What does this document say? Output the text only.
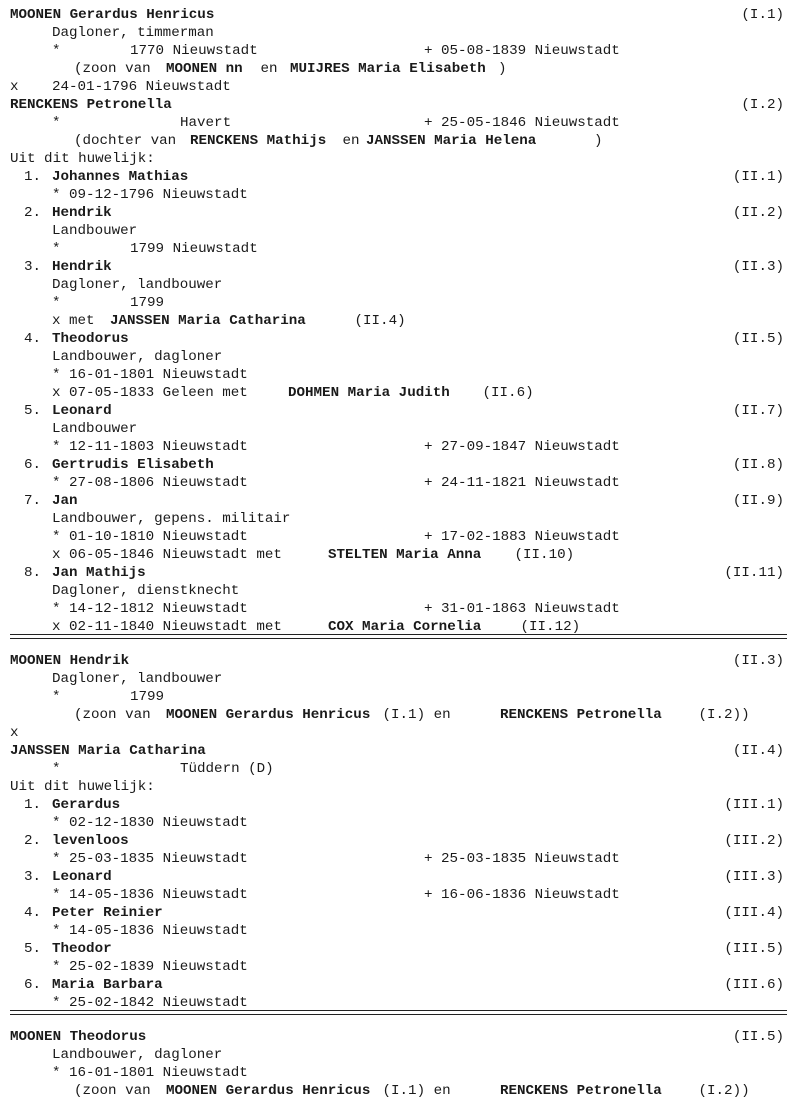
MOONEN Gerardus Henricus	(I.1)
Dagloner, timmerman
*	1770 Nieuwstadt	+ 05-08-1839 Nieuwstadt
(zoon van MOONEN nn en MUIJRES Maria Elisabeth )
x 24-01-1796 Nieuwstadt
RENCKENS Petronella	(I.2)
*	Havert	+ 25-05-1846 Nieuwstadt
(dochter van RENCKENS Mathijs en
JANSSEN Maria Helena	)
Uit dit huwelijk:
1. Johannes Mathias	(II.1)
* 09-12-1796 Nieuwstadt
2. Hendrik	(II.2)
Landbouwer
*	1799 Nieuwstadt
3. Hendrik	(II.3)
Dagloner, landbouwer
*	1799
x met JANSSEN Maria Catharina	(II.4)
4. Theodorus	(II.5)
Landbouwer, dagloner
* 16-01-1801 Nieuwstadt
x 07-05-1833 Geleen met DOHMEN Maria Judith (II.6)
5. Leonard	(II.7)
Landbouwer
* 12-11-1803 Nieuwstadt	+ 27-09-1847 Nieuwstadt
6. Gertrudis Elisabeth	(II.8)
* 27-08-1806 Nieuwstadt	+ 24-11-1821 Nieuwstadt
7. Jan	(II.9)
Landbouwer, gepens. militair
* 01-10-1810 Nieuwstadt	+ 17-02-1883 Nieuwstadt
x 06-05-1846 Nieuwstadt met	STELTEN Maria Anna (II.10)
8. Jan Mathijs	(II.11)
Dagloner, dienstknecht
* 14-12-1812 Nieuwstadt	+ 31-01-1863 Nieuwstadt
x 02-11-1840 Nieuwstadt met	COX Maria Cornelia (II.12)
MOONEN Hendrik	(II.3)
Dagloner, landbouwer
*	1799
(zoon van MOONEN Gerardus Henricus (I.1) en	RENCKENS Petronella (I.2))
x
JANSSEN Maria Catharina	(II.4)
*	Tüddern (D)
Uit dit huwelijk:
1. Gerardus	(III.1)
* 02-12-1830 Nieuwstadt
2. levenloos	(III.2)
* 25-03-1835 Nieuwstadt	+ 25-03-1835 Nieuwstadt
3. Leonard	(III.3)
* 14-05-1836 Nieuwstadt	+ 16-06-1836 Nieuwstadt
4. Peter Reinier	(III.4)
* 14-05-1836 Nieuwstadt
5. Theodor	(III.5)
* 25-02-1839 Nieuwstadt
6. Maria Barbara	(III.6)
* 25-02-1842 Nieuwstadt
MOONEN Theodorus	(II.5)
Landbouwer, dagloner
* 16-01-1801 Nieuwstadt
(zoon van MOONEN Gerardus Henricus (I.1) en	RENCKENS Petronella (I.2))
